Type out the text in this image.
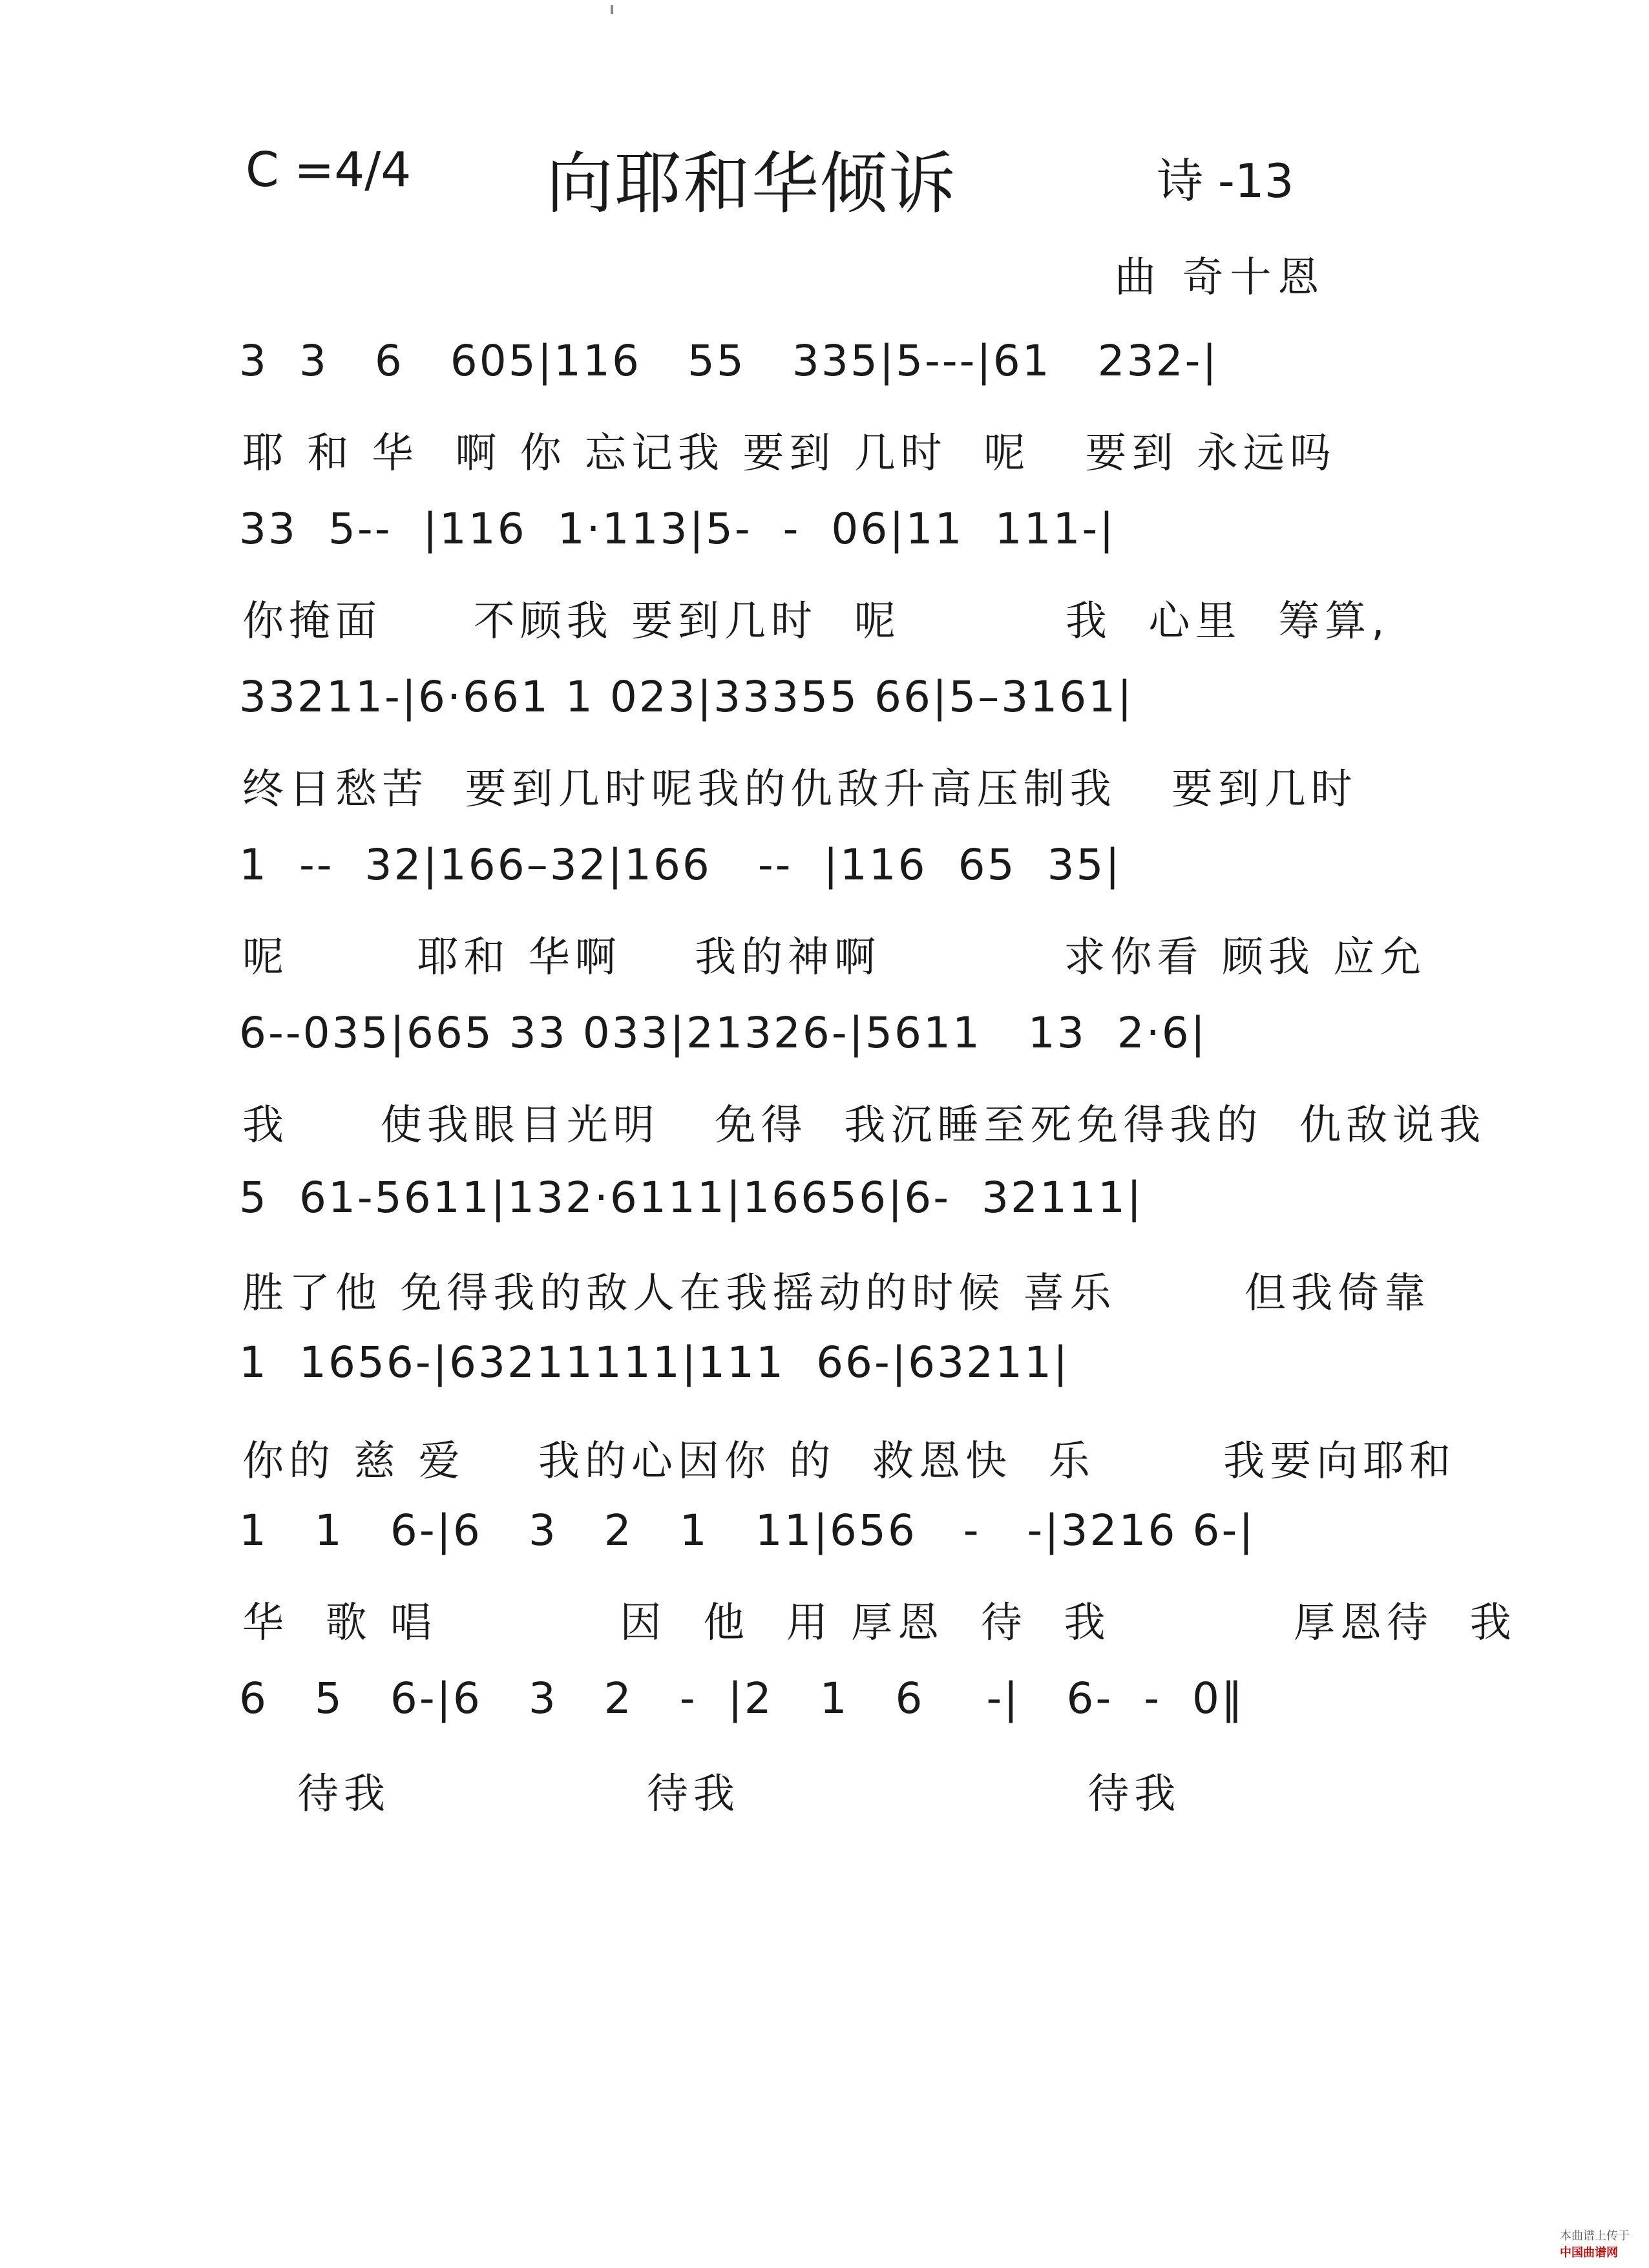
C =4/4 向耶和华倾诉	诗 -13
曲 奇十恩
3  3   6   605|116   55   335|5---|61   232-|
耶 和 华  啊 你 忘记我 要到 几时  呢   要到 永远吗
33  5--  |116  1·113|5-  -  06|11  111-|
你掩面     不顾我 要到几时  呢         我  心里  筹算,
33211-|6·661 1 023|33355 66|5–3161|
终日愁苦  要到几时呢我的仇敌升高压制我   要到几时
1  --  32|166–32|166   --  |116  65  35|
呢       耶和 华啊    我的神啊          求你看 顾我 应允
6--035|665 33 033|21326-|5611   13  2·6|
我     使我眼目光明   免得  我沉睡至死免得我的  仇敌说我
5  61-5611|132·6111|16656|6-  32111|
胜了他 免得我的敌人在我摇动的时候 喜乐       但我倚靠
1  1656-|63211111|111  66-|63211|
你的 慈 爱    我的心因你 的  救恩快  乐       我要向耶和
1   1   6-|6   3   2   1   11|656   -   -|3216 6-|
华  歌 唱          因  他  用 厚恩  待  我          厚恩待  我
6   5   6-|6   3   2   -  |2   1   6    -|   6-  -  0‖
待我              待我                   待我

本曲谱上传于
中国曲谱网
